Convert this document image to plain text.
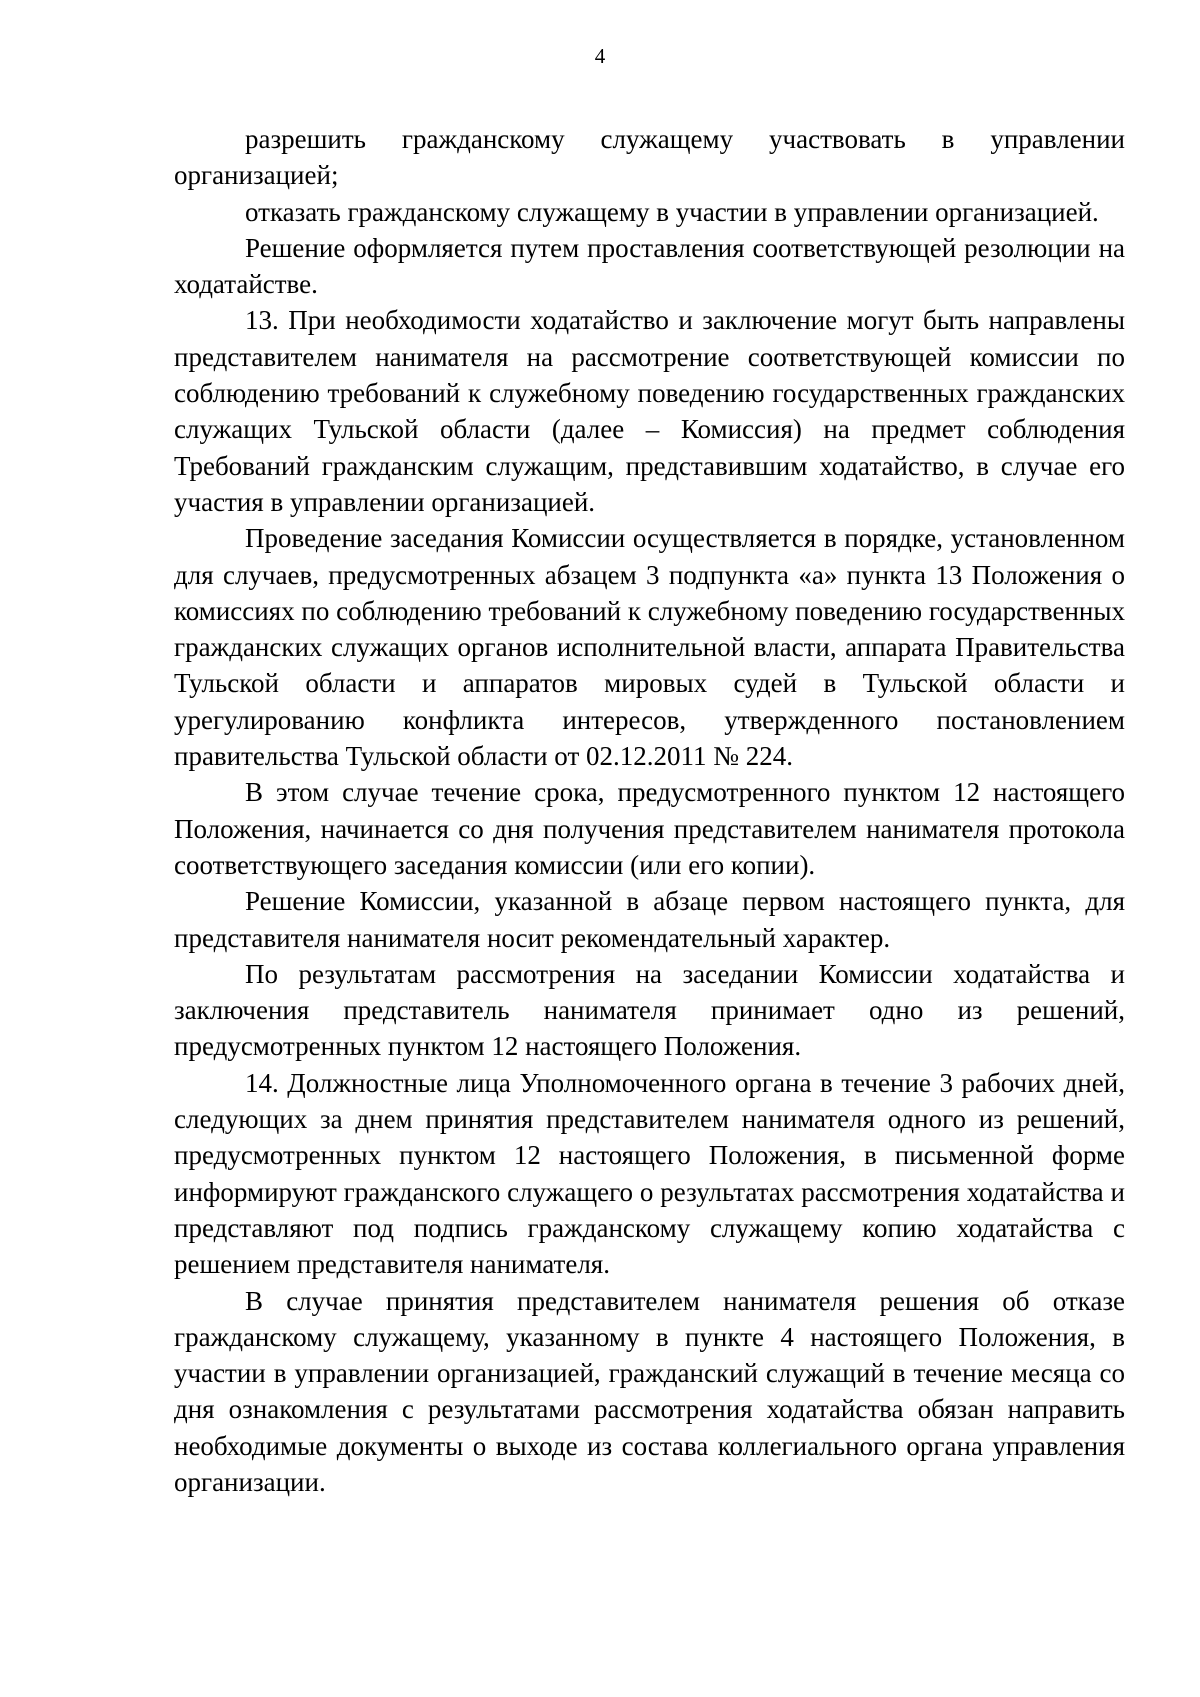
4

разрешить гражданскому служащему участвовать в управлении организацией;

отказать гражданскому служащему в участии в управлении организацией.

Решение оформляется путем проставления соответствующей резолюции на ходатайстве.

13. При необходимости ходатайство и заключение могут быть направлены представителем нанимателя на рассмотрение соответствующей комиссии по соблюдению требований к служебному поведению государственных гражданских служащих Тульской области (далее – Комиссия) на предмет соблюдения Требований гражданским служащим, представившим ходатайство, в случае его участия в управлении организацией.

Проведение заседания Комиссии осуществляется в порядке, установленном для случаев, предусмотренных абзацем 3 подпункта «а» пункта 13 Положения о комиссиях по соблюдению требований к служебному поведению государственных гражданских служащих органов исполнительной власти, аппарата Правительства Тульской области и аппаратов мировых судей в Тульской области и урегулированию конфликта интересов, утвержденного постановлением правительства Тульской области от 02.12.2011 № 224.

В этом случае течение срока, предусмотренного пунктом 12 настоящего Положения, начинается со дня получения представителем нанимателя протокола соответствующего заседания комиссии (или его копии).

Решение Комиссии, указанной в абзаце первом настоящего пункта, для представителя нанимателя носит рекомендательный характер.

По результатам рассмотрения на заседании Комиссии ходатайства и заключения представитель нанимателя принимает одно из решений, предусмотренных пунктом 12 настоящего Положения.

14. Должностные лица Уполномоченного органа в течение 3 рабочих дней, следующих за днем принятия представителем нанимателя одного из решений, предусмотренных пунктом 12 настоящего Положения, в письменной форме информируют гражданского служащего о результатах рассмотрения ходатайства и представляют под подпись гражданскому служащему копию ходатайства с решением представителя нанимателя.

В случае принятия представителем нанимателя решения об отказе гражданскому служащему, указанному в пункте 4 настоящего Положения, в участии в управлении организацией, гражданский служащий в течение месяца со дня ознакомления с результатами рассмотрения ходатайства обязан направить необходимые документы о выходе из состава коллегиального органа управления организации.
